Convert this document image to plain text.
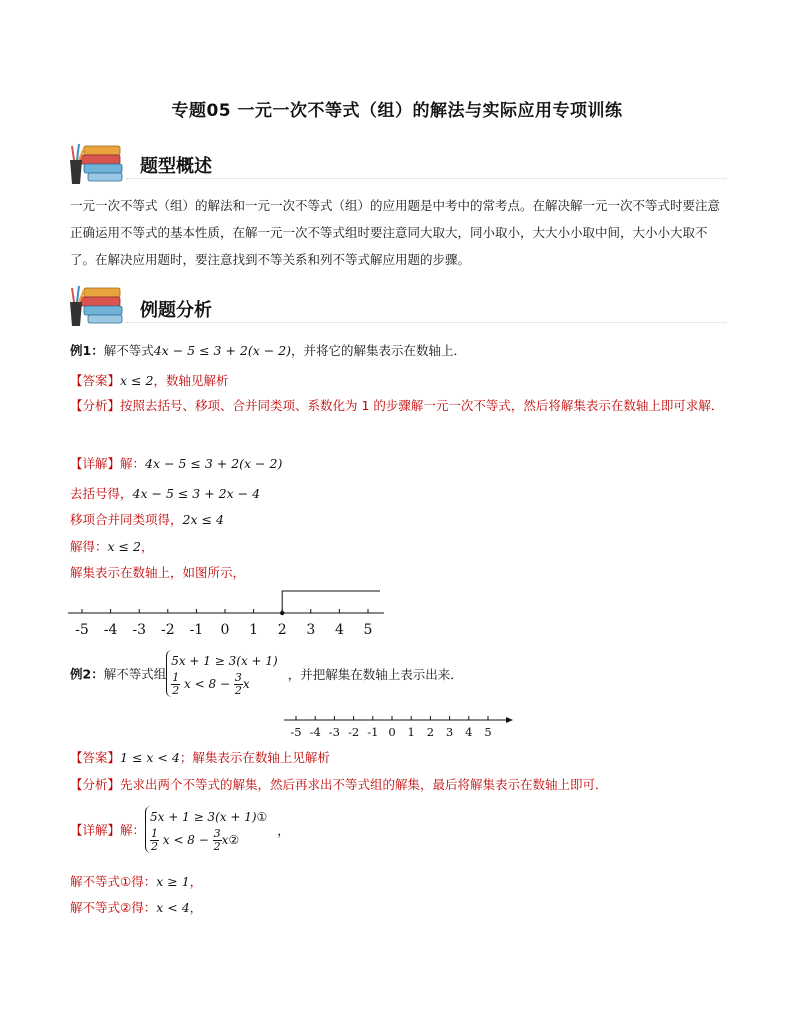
专题05 一元一次不等式（组）的解法与实际应用专项训练
题型概述
一元一次不等式（组）的解法和一元一次不等式（组）的应用题是中考中的常考点。在解决解一元一次不等式时要注意正确运用不等式的基本性质，在解一元一次不等式组时要注意同大取大，同小取小，大大小小取中间，大小小大取不了。在解决应用题时，要注意找到不等关系和列不等式解应用题的步骤。
例题分析
例1：解不等式4x − 5 ≤ 3 + 2(x − 2)，并将它的解集表示在数轴上．
【答案】x ≤ 2，数轴见解析
【分析】按照去括号、移项、合并同类项、系数化为 1 的步骤解一元一次不等式，然后将解集表示在数轴上即可求解．
【详解】解：4x − 5 ≤ 3 + 2(x − 2)
去括号得，4x − 5 ≤ 3 + 2x − 4
移项合并同类项得，2x ≤ 4
解得：x ≤ 2，
解集表示在数轴上，如图所示，
-5 -4 -3 -2 -1 0 1 2 3 4 5
例2：解不等式组
5x + 1 ≥ 3(x + 1)
$\frac{1}{2}$ $x < 8 - \frac{3}{2}$ x
，并把解集在数轴上表示出来．
-5 -4 -3 -2 -1 0 1 2 3 4 5
【答案】1 ≤ x < 4；解集表示在数轴上见解析
【分析】先求出两个不等式的解集，然后再求出不等式组的解集，最后将解集表示在数轴上即可．
【详解】解：
5x + 1 ≥ 3(x + 1)①
$\frac{1}{2}$ $x < 8 - \frac{3}{2}$ x②
，
解不等式①得：x ≥ 1，
解不等式②得：x < 4，
